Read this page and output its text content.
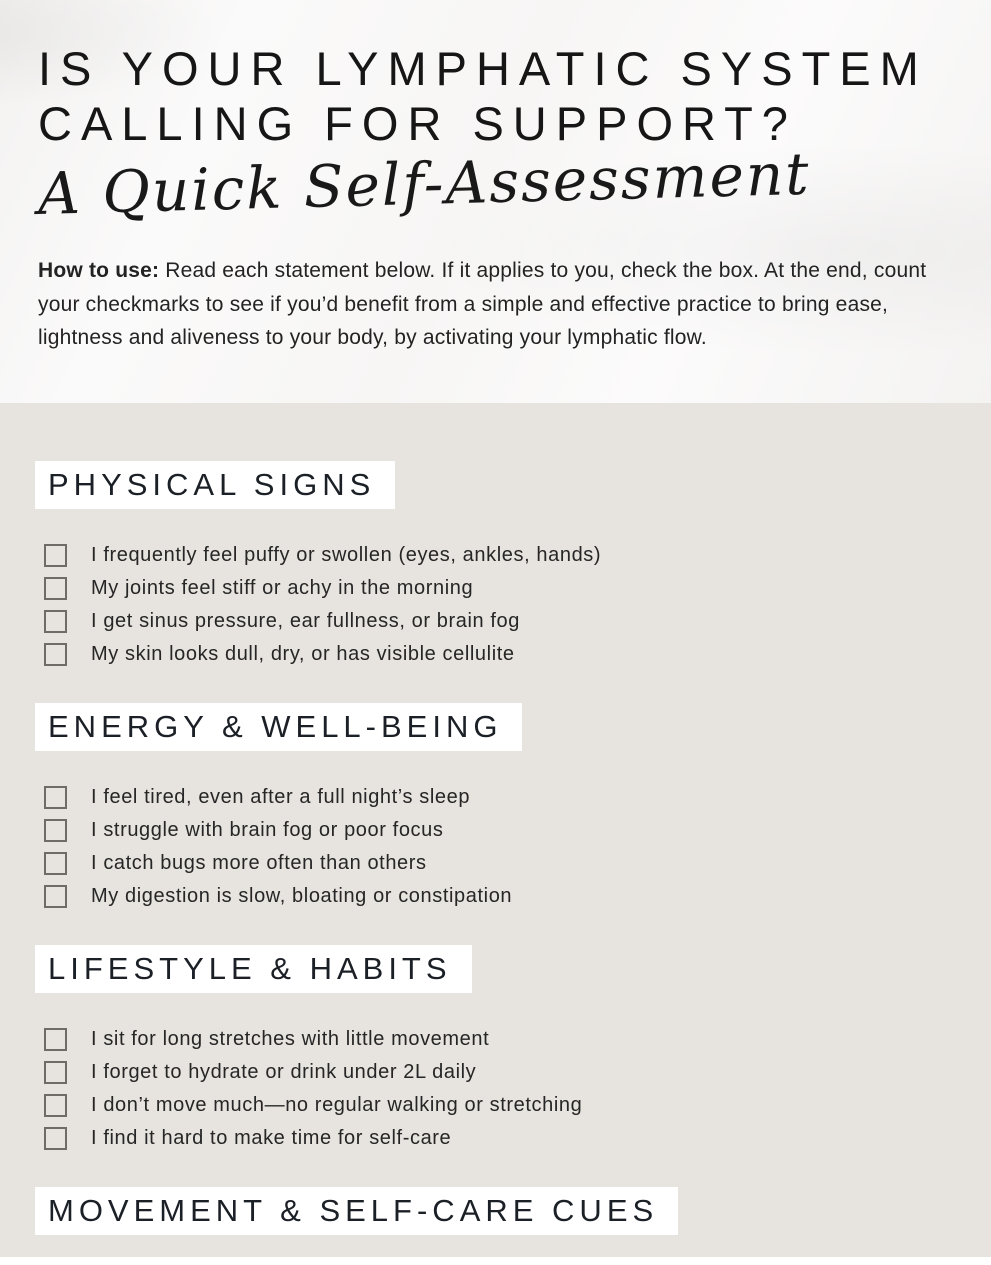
IS YOUR LYMPHATIC SYSTEM
CALLING FOR SUPPORT?
A Quick Self-Assessment

How to use: Read each statement below. If it applies to you, check the box. At the end, count your checkmarks to see if you’d benefit from a simple and effective practice to bring ease, lightness and aliveness to your body, by activating your lymphatic flow.

PHYSICAL SIGNS
I frequently feel puffy or swollen (eyes, ankles, hands)
My joints feel stiff or achy in the morning
I get sinus pressure, ear fullness, or brain fog
My skin looks dull, dry, or has visible cellulite
ENERGY & WELL-BEING
I feel tired, even after a full night’s sleep
I struggle with brain fog or poor focus
I catch bugs more often than others
My digestion is slow, bloating or constipation
LIFESTYLE & HABITS
I sit for long stretches with little movement
I forget to hydrate or drink under 2L daily
I don’t move much—no regular walking or stretching
I find it hard to make time for self-care
MOVEMENT & SELF-CARE CUES
